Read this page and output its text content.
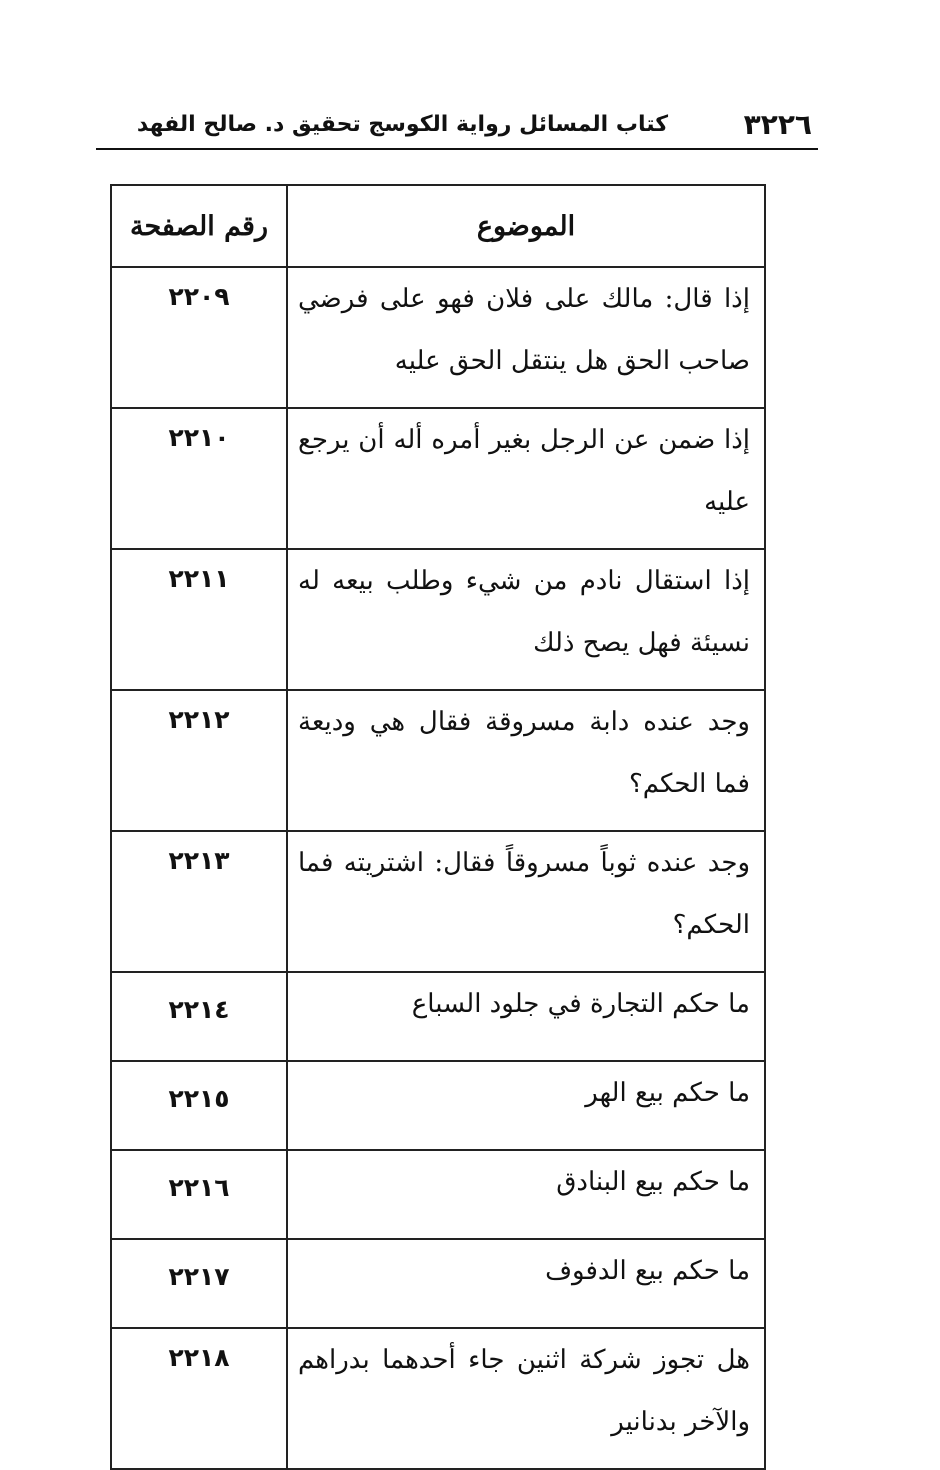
٣٢٢٦
كتاب المسائل رواية الكوسج تحقيق د. صالح الفهد
الموضوع	رقم الصفحة
إذا قال: مالك على فلان فهو على فرضي صاحب الحق هل ينتقل الحق عليه	٢٢٠٩
إذا ضمن عن الرجل بغير أمره أله أن يرجع عليه	٢٢١٠
إذا استقال نادم من شيء وطلب بيعه له نسيئة فهل يصح ذلك	٢٢١١
وجد عنده دابة مسروقة فقال هي وديعة فما الحكم؟	٢٢١٢
وجد عنده ثوباً مسروقاً فقال: اشتريته فما الحكم؟	٢٢١٣
ما حكم التجارة في جلود السباع	٢٢١٤
ما حكم بيع الهر	٢٢١٥
ما حكم بيع البنادق	٢٢١٦
ما حكم بيع الدفوف	٢٢١٧
هل تجوز شركة اثنين جاء أحدهما بدراهم والآخر بدنانير	٢٢١٨
